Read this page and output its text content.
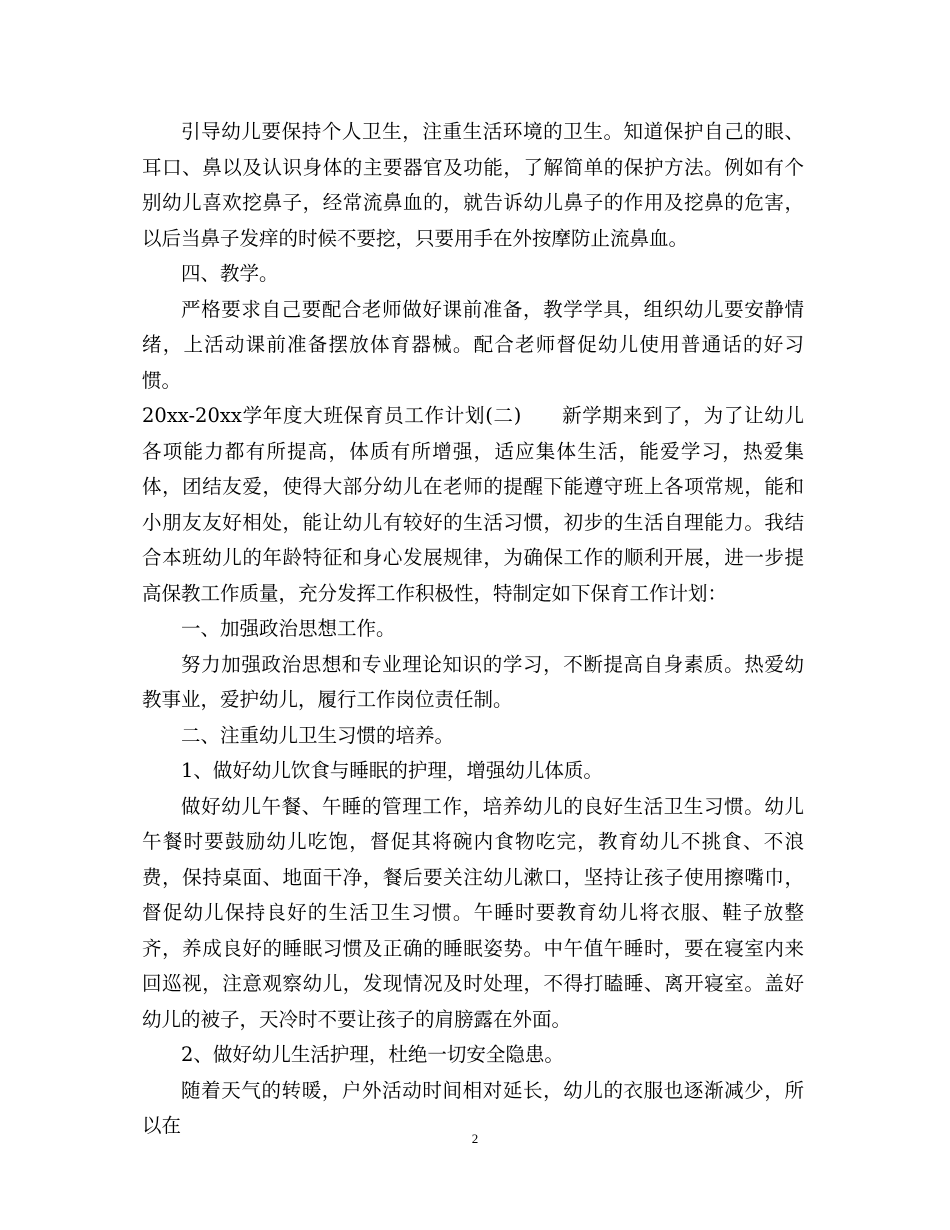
引导幼儿要保持个人卫生，注重生活环境的卫生。知道保护自己的眼、耳口、鼻以及认识身体的主要器官及功能，了解简单的保护方法。例如有个别幼儿喜欢挖鼻子，经常流鼻血的，就告诉幼儿鼻子的作用及挖鼻的危害，以后当鼻子发痒的时候不要挖，只要用手在外按摩防止流鼻血。

四、教学。

严格要求自己要配合老师做好课前准备，教学学具，组织幼儿要安静情绪，上活动课前准备摆放体育器械。配合老师督促幼儿使用普通话的好习惯。

20xx-20xx学年度大班保育员工作计划(二) 新学期来到了，为了让幼儿各项能力都有所提高，体质有所增强，适应集体生活，能爱学习，热爱集体，团结友爱，使得大部分幼儿在老师的提醒下能遵守班上各项常规，能和小朋友友好相处，能让幼儿有较好的生活习惯，初步的生活自理能力。我结合本班幼儿的年龄特征和身心发展规律，为确保工作的顺利开展，进一步提高保教工作质量，充分发挥工作积极性，特制定如下保育工作计划：

一、加强政治思想工作。

努力加强政治思想和专业理论知识的学习，不断提高自身素质。热爱幼教事业，爱护幼儿，履行工作岗位责任制。

二、注重幼儿卫生习惯的培养。

1、做好幼儿饮食与睡眠的护理，增强幼儿体质。

做好幼儿午餐、午睡的管理工作，培养幼儿的良好生活卫生习惯。幼儿午餐时要鼓励幼儿吃饱，督促其将碗内食物吃完，教育幼儿不挑食、不浪费，保持桌面、地面干净，餐后要关注幼儿漱口，坚持让孩子使用擦嘴巾，督促幼儿保持良好的生活卫生习惯。午睡时要教育幼儿将衣服、鞋子放整齐，养成良好的睡眠习惯及正确的睡眠姿势。中午值午睡时，要在寝室内来回巡视，注意观察幼儿，发现情况及时处理，不得打瞌睡、离开寝室。盖好幼儿的被子，天冷时不要让孩子的肩膀露在外面。

2、做好幼儿生活护理，杜绝一切安全隐患。

随着天气的转暖，户外活动时间相对延长，幼儿的衣服也逐渐减少，所以在

2
